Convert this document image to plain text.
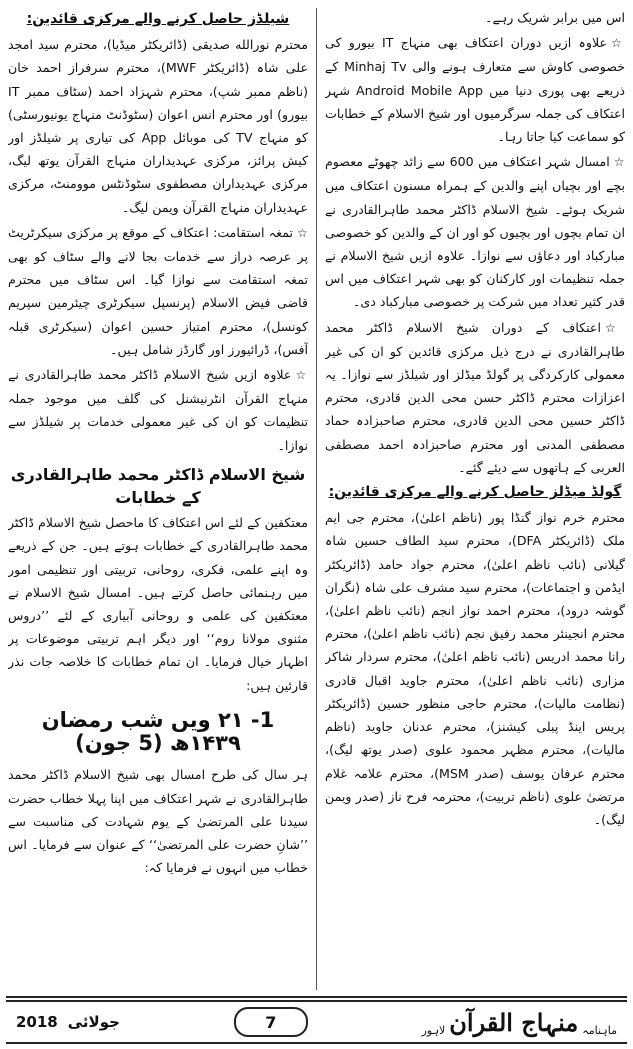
اس میں برابر شریک رہے۔

☆علاوہ ازیں دوران اعتکاف بھی منہاج IT بیورو کی خصوصی کاوش سے متعارف ہونے والی Minhaj Tv کے ذریعے بھی پوری دنیا میں Android Mobile App شہر اعتکاف کی جملہ سرگرمیوں اور شیخ الاسلام کے خطابات کو سماعت کیا جاتا رہا۔

☆امسال شہر اعتکاف میں 600 سے زائد چھوٹے معصوم بچے اور بچیاں اپنے والدین کے ہمراہ مسنون اعتکاف میں شریک ہوئے۔ شیخ الاسلام ڈاکٹر محمد طاہرالقادری نے ان تمام بچوں اور بچیوں کو اور ان کے والدین کو خصوصی مبارکباد اور دعاؤں سے نوازا۔ علاوہ ازیں شیخ الاسلام نے جملہ تنظیمات اور کارکنان کو بھی شہر اعتکاف میں اس قدر کثیر تعداد میں شرکت پر خصوصی مبارکباد دی۔

☆اعتکاف کے دوران شیخ الاسلام ڈاکٹر محمد طاہرالقادری نے درج ذیل مرکزی قائدین کو ان کی غیر معمولی کارکردگی پر گولڈ میڈلز اور شیلڈز سے نوازا۔ یہ اعزازات محترم ڈاکٹر حسن محی الدین قادری، محترم ڈاکٹر حسین محی الدین قادری، محترم صاحبزادہ حماد مصطفی المدنی اور محترم صاحبزادہ احمد مصطفی العربی کے ہاتھوں سے دیئے گئے۔

گولڈ میڈلز حاصل کرنے والے مرکزی قائدین:

محترم خرم نواز گنڈا پور (ناظم اعلیٰ)، محترم جی ایم ملک (ڈائریکٹر DFA)، محترم سید الطاف حسین شاہ گیلانی (نائب ناظم اعلیٰ)، محترم جواد حامد (ڈائریکٹر ایڈمن و اجتماعات)، محترم سید مشرف علی شاہ (نگران گوشہ درود)، محترم احمد نواز انجم (نائب ناظم اعلیٰ)، محترم انجینئر محمد رفیق نجم (نائب ناظم اعلیٰ)، محترم رانا محمد ادریس (نائب ناظم اعلیٰ)، محترم سردار شاکر مزاری (نائب ناظم اعلیٰ)، محترم جاوید اقبال قادری (نظامت مالیات)، محترم حاجی منظور حسین (ڈائریکٹر پریس اینڈ پبلی کیشنز)، محترم عدنان جاوید (ناظم مالیات)، محترم مظہر محمود علوی (صدر یوتھ لیگ)، محترم عرفان یوسف (صدر MSM)، محترم علامہ غلام مرتضیٰ علوی (ناظم تربیت)، محترمہ فرح ناز (صدر ویمن لیگ)۔

شیلڈز حاصل کرنے والے مرکزی قائدین:

محترم نورالله صدیقی (ڈائریکٹر میڈیا)، محترم سید امجد علی شاہ (ڈائریکٹر MWF)، محترم سرفراز احمد خان (ناظم ممبر شپ)، محترم شہزاد احمد (سٹاف ممبر IT بیورو) اور محترم انس اعوان (سٹوڈنٹ منہاج یونیورسٹی) کو منہاج TV کی موبائل App کی تیاری پر شیلڈز اور کیش پرائز، مرکزی عہدیداران منہاج القرآن یوتھ لیگ، مرکزی عہدیداران مصطفوی سٹوڈنٹس موومنٹ، مرکزی عہدیداران منہاج القرآن ویمن لیگ۔

☆تمغہ استقامت: اعتکاف کے موقع پر مرکزی سیکرٹریٹ پر عرصہ دراز سے خدمات بجا لانے والے سٹاف کو بھی تمغہ استقامت سے نوازا گیا۔ اس سٹاف میں محترم قاضی فیض الاسلام (پرنسپل سیکرٹری چیئرمین سپریم کونسل)، محترم امتیاز حسین اعوان (سیکرٹری قبلہ آفس)، ڈرائیورز اور گارڈز شامل ہیں۔

☆علاوہ ازیں شیخ الاسلام ڈاکٹر محمد طاہرالقادری نے منہاج القرآن انٹرنیشنل کی گلف میں موجود جملہ تنظیمات کو ان کی غیر معمولی خدمات پر شیلڈز سے نوازا۔

شیخ الاسلام ڈاکٹر محمد طاہرالقادری کے خطابات

معتکفین کے لئے اس اعتکاف کا ماحصل شیخ الاسلام ڈاکٹر محمد طاہرالقادری کے خطابات ہوتے ہیں۔ جن کے ذریعے وہ اپنے علمی، فکری، روحانی، تربیتی اور تنظیمی امور میں رہنمائی حاصل کرتے ہیں۔ امسال شیخ الاسلام نے معتکفین کی علمی و روحانی آبیاری کے لئے ’’دروس مثنوی مولانا روم‘‘ اور دیگر اہم تربیتی موضوعات پر اظہار خیال فرمایا۔ ان تمام خطابات کا خلاصہ جات نذر قارئین ہیں:

1- ۲۱ ویں شب رمضان ۱۴۳۹ھ (5 جون)

ہر سال کی طرح امسال بھی شیخ الاسلام ڈاکٹر محمد طاہرالقادری نے شہر اعتکاف میں اپنا پہلا خطاب حضرت سیدنا علی المرتضیٰ کے یوم شہادت کی مناسبت سے ’’شانِ حضرت علی المرتضیٰ‘‘ کے عنوان سے فرمایا۔ اس خطاب میں انہوں نے فرمایا کہ:

2018 جولائی	7	ماہنامہ
منہاج القرآن
لاہور
